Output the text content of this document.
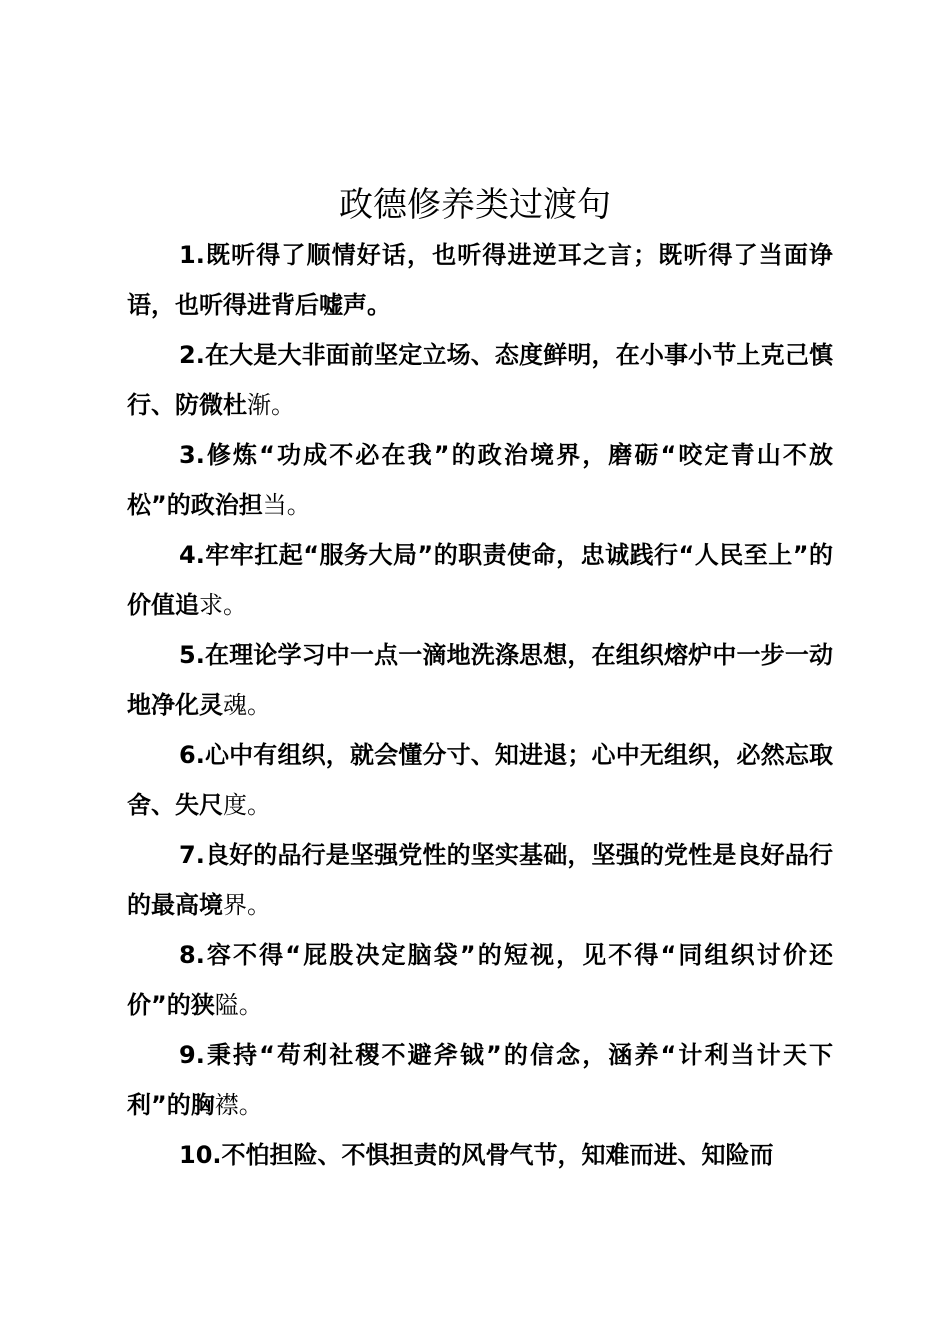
政德修养类过渡句

1.既听得了顺情好话，也听得进逆耳之言；既听得了当面诤语，也听得进背后嘘声。

2.在大是大非面前坚定立场、态度鲜明，在小事小节上克己慎行、防微杜渐。

3.修炼“功成不必在我”的政治境界，磨砺“咬定青山不放松”的政治担当。

4.牢牢扛起“服务大局”的职责使命，忠诚践行“人民至上”的价值追求。

5.在理论学习中一点一滴地洗涤思想，在组织熔炉中一步一动地净化灵魂。

6.心中有组织，就会懂分寸、知进退；心中无组织，必然忘取舍、失尺度。

7.良好的品行是坚强党性的坚实基础，坚强的党性是良好品行的最高境界。

8.容不得“屁股决定脑袋”的短视，见不得“同组织讨价还价”的狭隘。

9.秉持“苟利社稷不避斧钺”的信念，涵养“计利当计天下利”的胸襟。

10.不怕担险、不惧担责的风骨气节，知难而进、知险而
